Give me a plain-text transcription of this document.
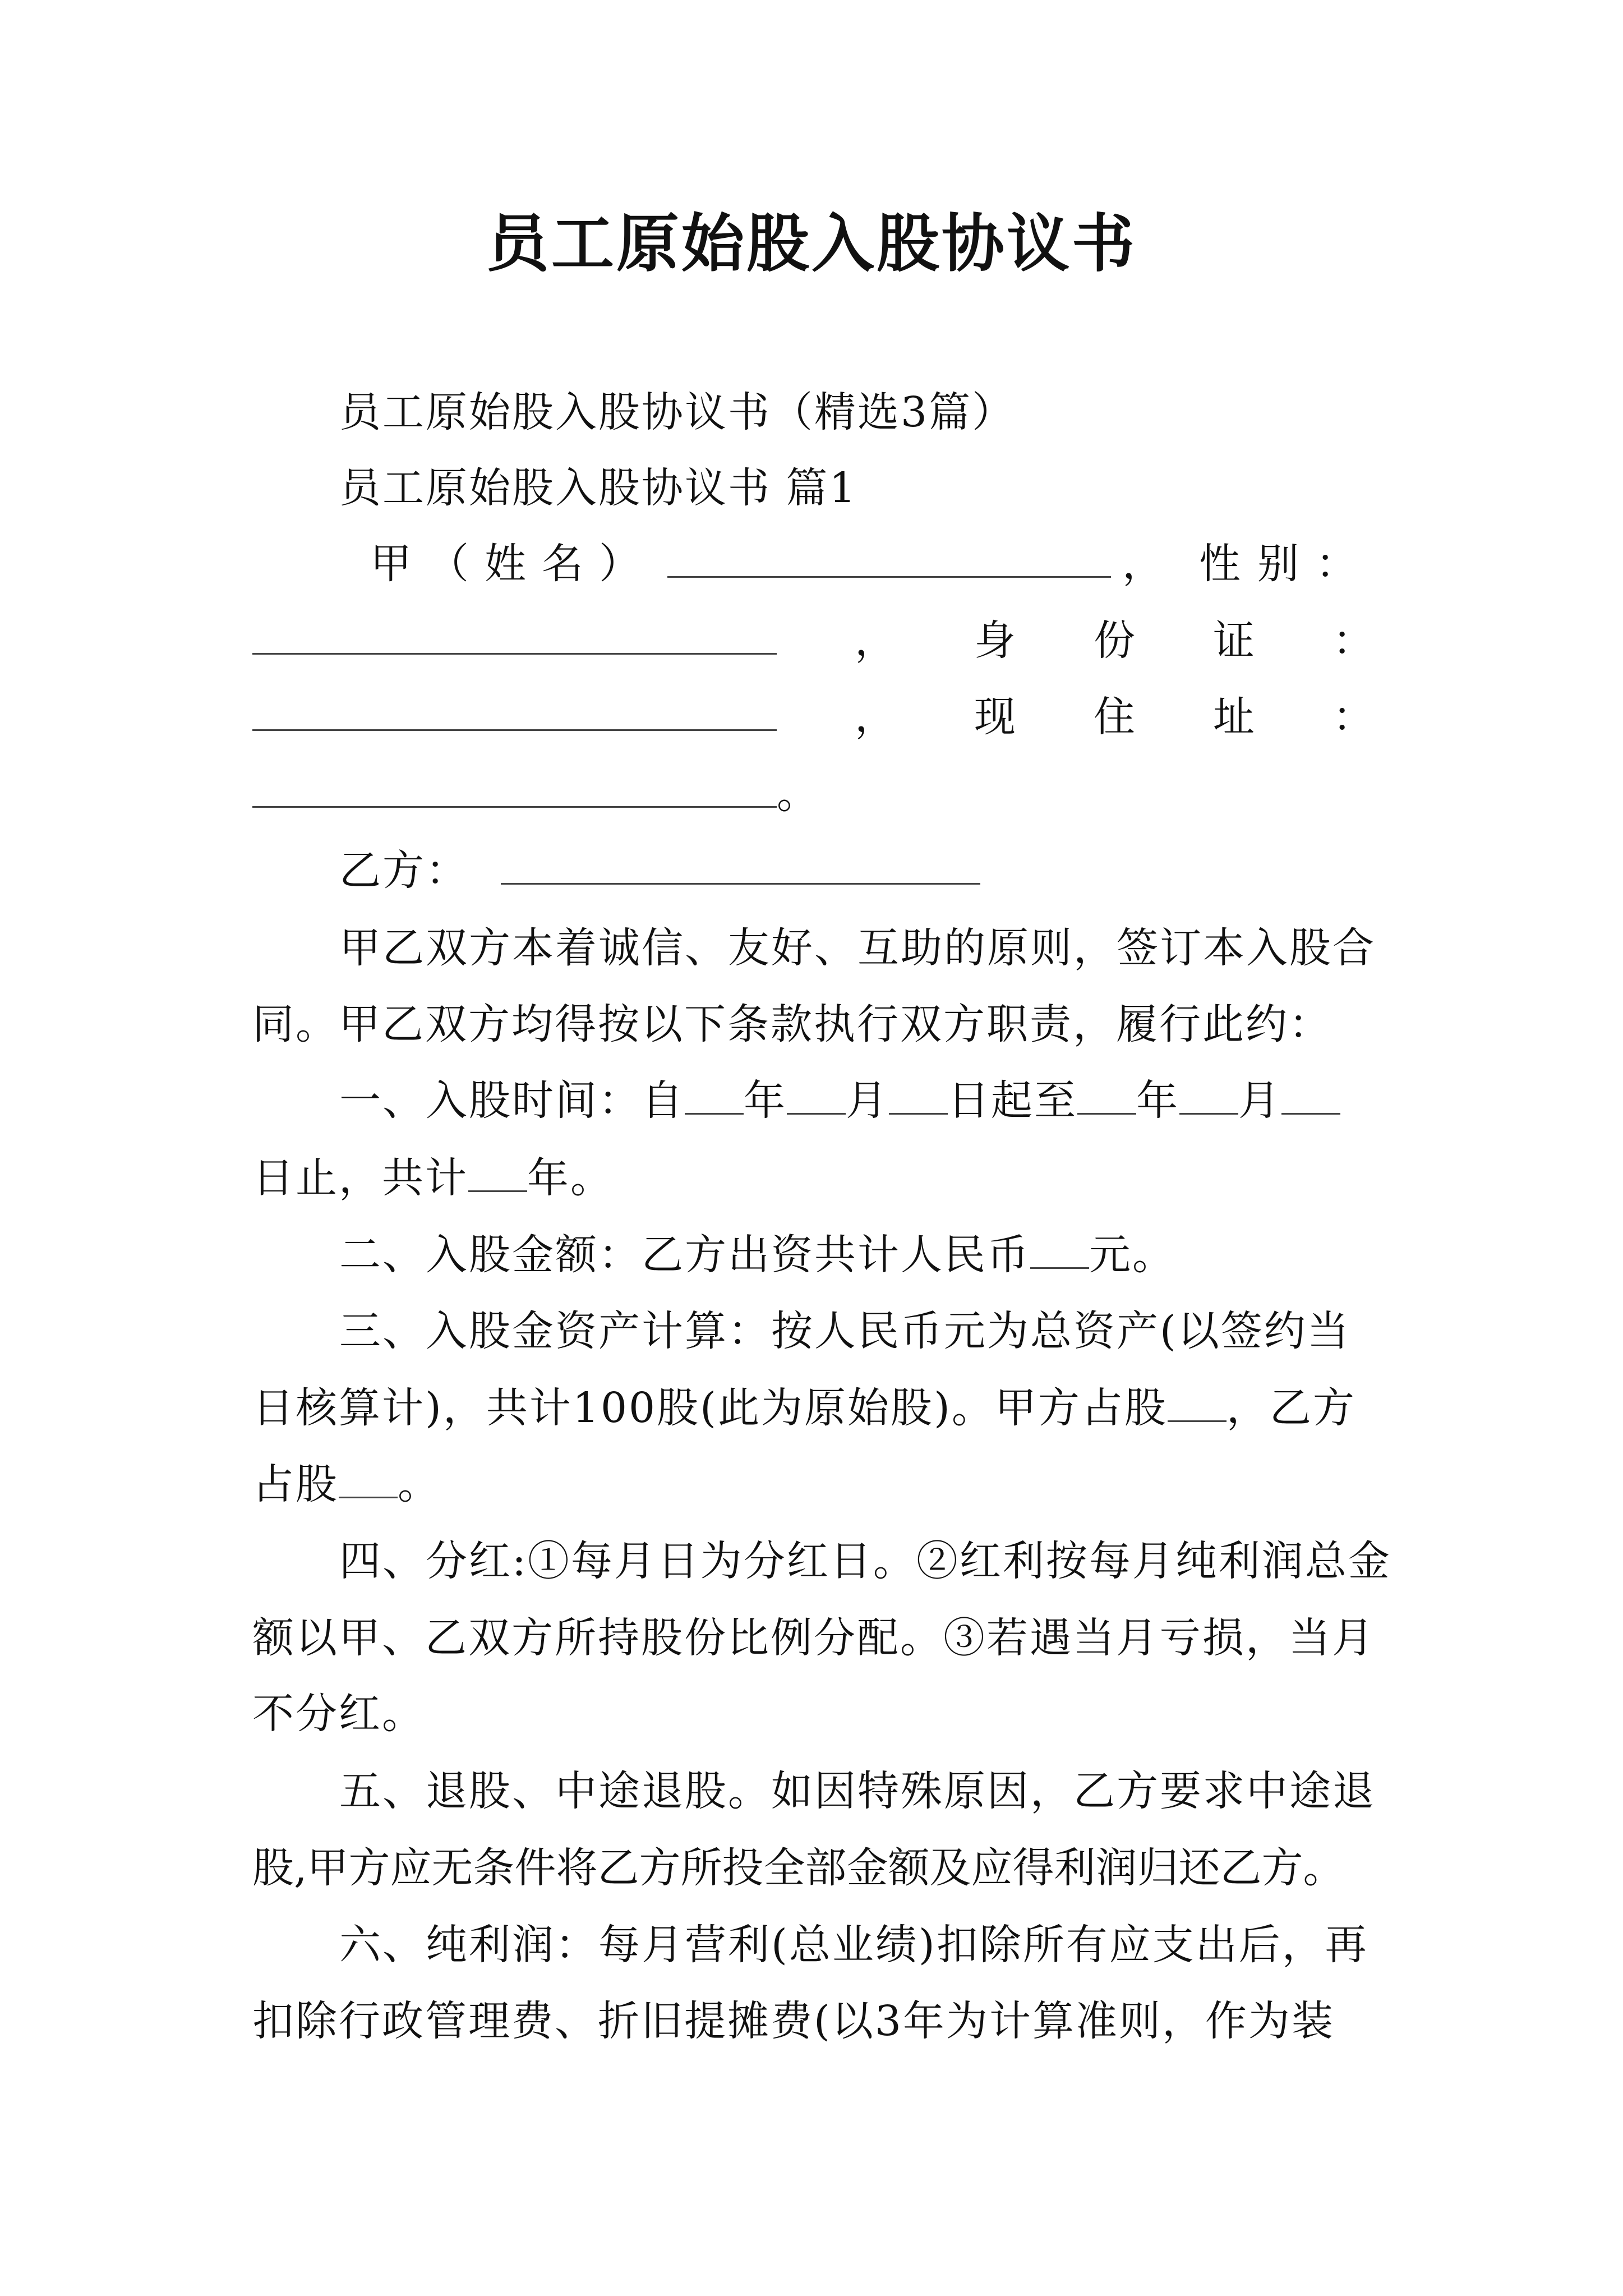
员工原始股入股协议书
员工原始股入股协议书（精选3篇）
员工原始股入股协议书 篇1
甲（姓名）	， 性别：
， 身 份 证 ：
， 现 住 址 ：
。
乙方：
甲乙双方本着诚信、友好、互助的原则，签订本入股合
同。甲乙双方均得按以下条款执行双方职责，履行此约：
一、入股时间：自 年 月 日起至 年 月
日止，共计 年。
二、入股金额：乙方出资共计人民币 元。
三、入股金资产计算：按人民币元为总资产(以签约当
日核算计)，共计100股(此为原始股)。甲方占股 ，乙方
占股 。
四、分红:①每月日为分红日。②红利按每月纯利润总金
额以甲、乙双方所持股份比例分配。③若遇当月亏损，当月
不分红。
五、退股、中途退股。如因特殊原因，乙方要求中途退
股,甲方应无条件将乙方所投全部金额及应得利润归还乙方。
六、纯利润：每月营利(总业绩)扣除所有应支出后，再
扣除行政管理费、折旧提摊费(以3年为计算准则，作为装
